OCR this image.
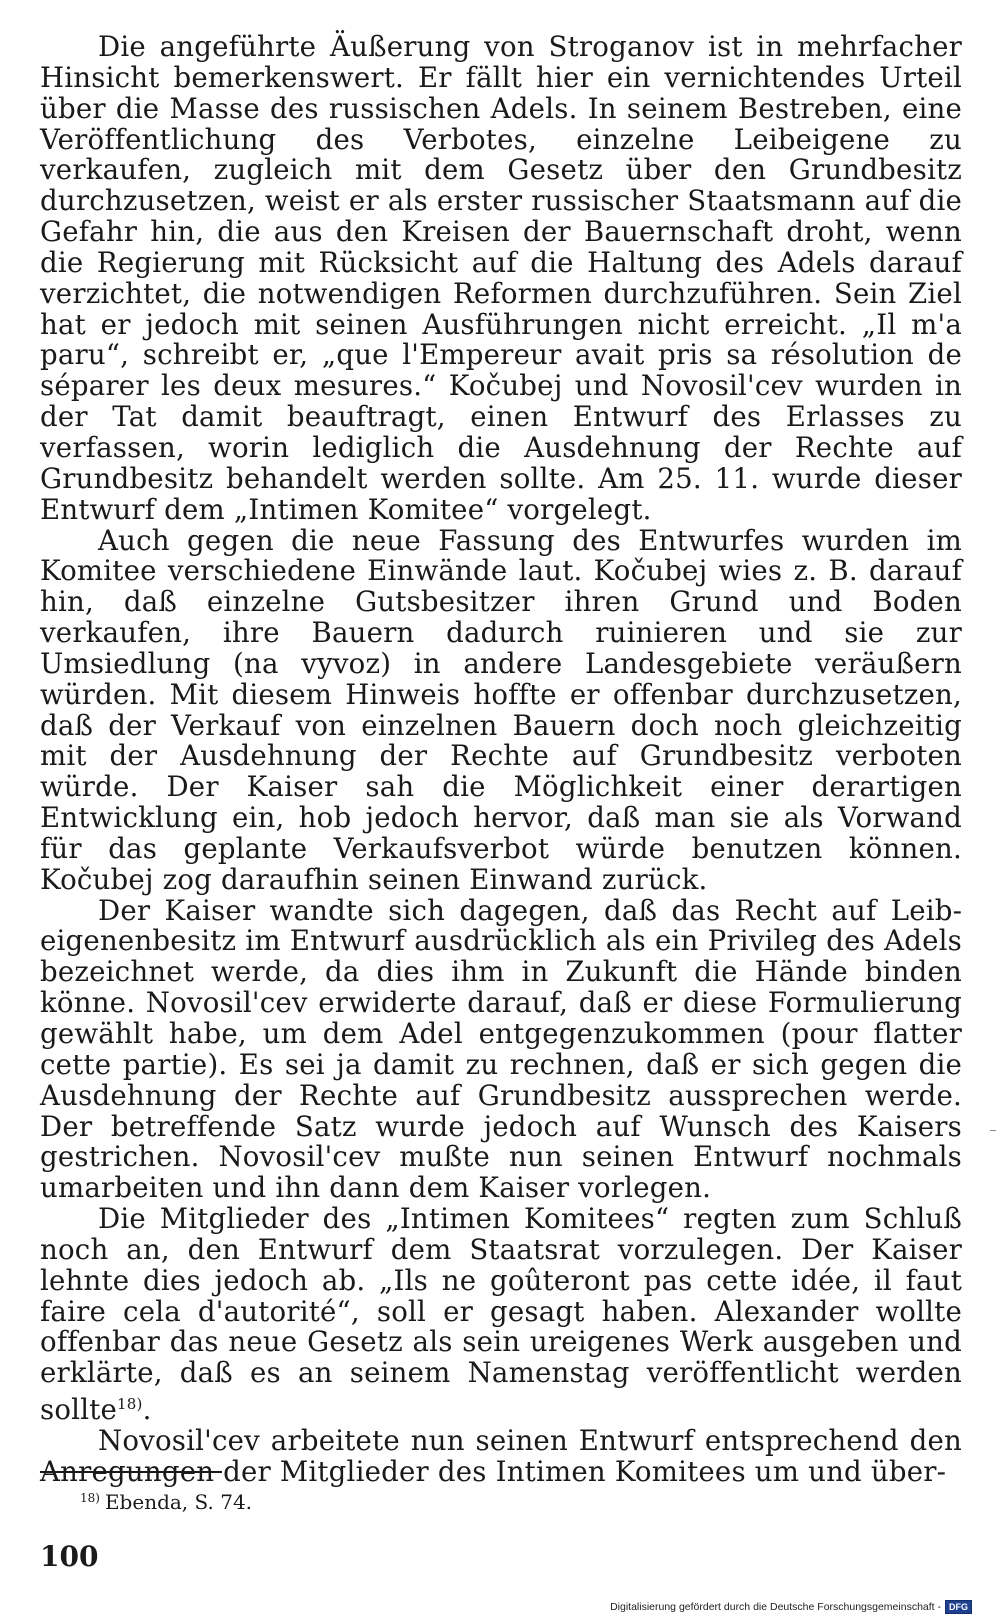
Die angeführte Äußerung von Stroganov ist in mehrfacher Hinsicht bemerkenswert. Er fällt hier ein vernichtendes Urteil über die Masse des russischen Adels. In seinem Bestreben, eine Veröffentlichung des Verbotes, einzelne Leibeigene zu verkaufen, zugleich mit dem Gesetz über den Grundbesitz durchzusetzen, weist er als erster russischer Staatsmann auf die Gefahr hin, die aus den Kreisen der Bauernschaft droht, wenn die Regierung mit Rücksicht auf die Haltung des Adels darauf verzichtet, die notwendigen Reformen durchzuführen. Sein Ziel hat er jedoch mit seinen Ausführungen nicht erreicht. „Il m'a paru“, schreibt er, „que l'Empereur avait pris sa résolution de séparer les deux mesures.“ Kočubej und Novosil'cev wurden in der Tat damit beauftragt, einen Entwurf des Erlasses zu verfassen, worin lediglich die Ausdehnung der Rechte auf Grundbesitz behandelt werden sollte. Am 25. 11. wurde dieser Entwurf dem „Intimen Komitee“ vorgelegt.

Auch gegen die neue Fassung des Entwurfes wurden im Komitee verschiedene Einwände laut. Kočubej wies z. B. darauf hin, daß einzelne Gutsbesitzer ihren Grund und Boden verkaufen, ihre Bauern dadurch ruinieren und sie zur Umsiedlung (na vyvoz) in andere Landesgebiete veräußern würden. Mit diesem Hinweis hoffte er offenbar durchzusetzen, daß der Verkauf von einzelnen Bauern doch noch gleichzeitig mit der Ausdehnung der Rechte auf Grundbesitz verboten würde. Der Kaiser sah die Möglichkeit einer derartigen Entwicklung ein, hob jedoch hervor, daß man sie als Vorwand für das geplante Verkaufsverbot würde benutzen können. Kočubej zog daraufhin seinen Einwand zurück.

Der Kaiser wandte sich dagegen, daß das Recht auf Leibeigenenbesitz im Entwurf ausdrücklich als ein Privileg des Adels bezeichnet werde, da dies ihm in Zukunft die Hände binden könne. Novosil'cev erwiderte darauf, daß er diese Formulierung gewählt habe, um dem Adel entgegenzukommen (pour flatter cette partie). Es sei ja damit zu rechnen, daß er sich gegen die Ausdehnung der Rechte auf Grundbesitz aussprechen werde. Der betreffende Satz wurde jedoch auf Wunsch des Kaisers gestrichen. Novosil'cev mußte nun seinen Entwurf nochmals umarbeiten und ihn dann dem Kaiser vorlegen.

Die Mitglieder des „Intimen Komitees“ regten zum Schluß noch an, den Entwurf dem Staatsrat vorzulegen. Der Kaiser lehnte dies jedoch ab. „Ils ne goûteront pas cette idée, il faut faire cela d'autorité“, soll er gesagt haben. Alexander wollte offenbar das neue Gesetz als sein ureigenes Werk ausgeben und erklärte, daß es an seinem Namenstag veröffentlicht werden sollte$^{18)}$.

Novosil'cev arbeitete nun seinen Entwurf entsprechend den Anregungen der Mitglieder des Intimen Komitees um und über-

$^{18)}$ Ebenda, S. 74.
100
Digitalisierung gefördert durch die Deutsche Forschungsgemeinschaft - DFG
